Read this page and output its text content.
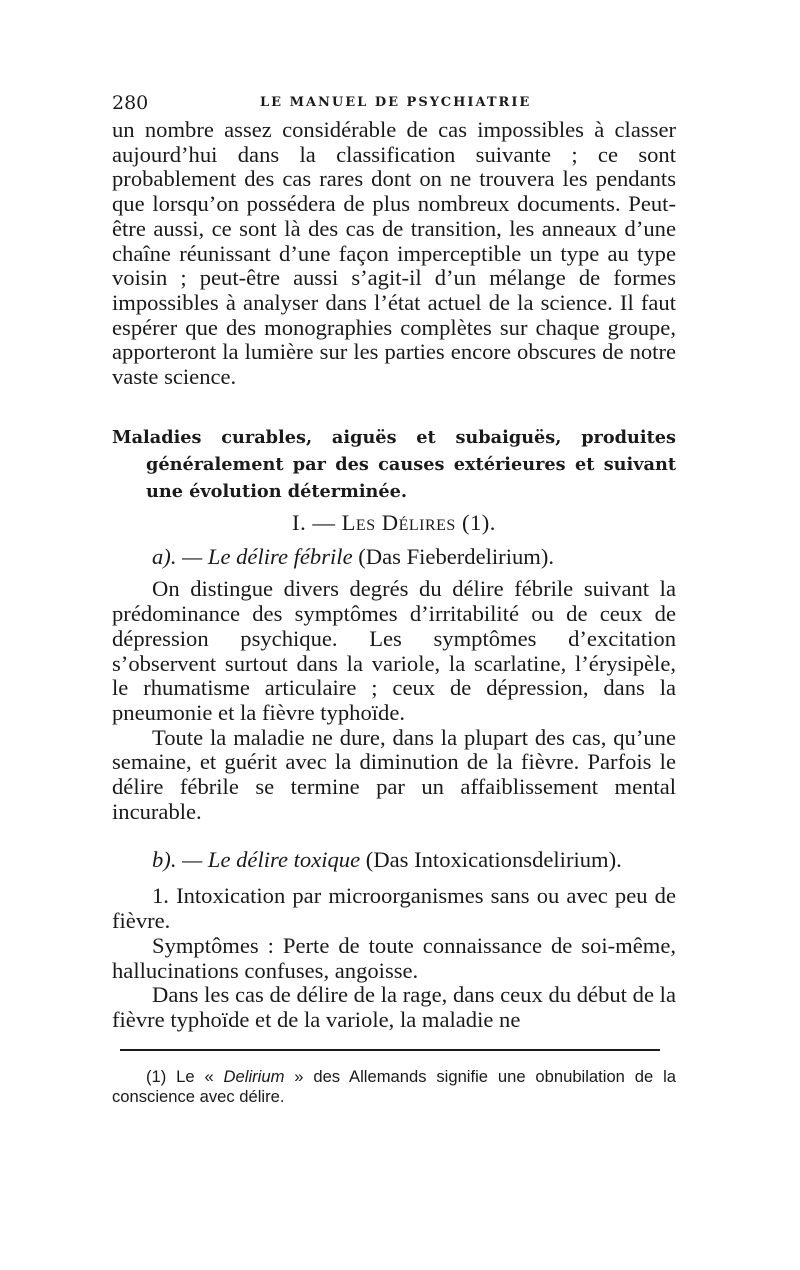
280	LE MANUEL DE PSYCHIATRIE

un nombre assez considérable de cas impossibles à classer aujourd’hui dans la classification suivante ; ce sont probablement des cas rares dont on ne trouvera les pendants que lorsqu’on possédera de plus nombreux documents. Peut-être aussi, ce sont là des cas de transition, les anneaux d’une chaîne réunissant d’une façon imperceptible un type au type voisin ; peut-être aussi s’agit-il d’un mélange de formes impossibles à analyser dans l’état actuel de la science. Il faut espérer que des monographies complètes sur chaque groupe, apporteront la lumière sur les parties encore obscures de notre vaste science.

Maladies curables, aiguës et subaiguës, produites généralement par des causes extérieures et suivant une évolution déterminée.

I. — Les Délires (1).

a). — Le délire fébrile (Das Fieberdelirium).

On distingue divers degrés du délire fébrile suivant la prédominance des symptômes d’irritabilité ou de ceux de dépression psychique. Les symptômes d’excitation s’observent surtout dans la variole, la scarlatine, l’érysipèle, le rhumatisme articulaire ; ceux de dépression, dans la pneumonie et la fièvre typhoïde.

Toute la maladie ne dure, dans la plupart des cas, qu’une semaine, et guérit avec la diminution de la fièvre. Parfois le délire fébrile se termine par un affaiblissement mental incurable.

b). — Le délire toxique (Das Intoxicationsdelirium).

1. Intoxication par microorganismes sans ou avec peu de fièvre.

Symptômes : Perte de toute connaissance de soi-même, hallucinations confuses, angoisse.

Dans les cas de délire de la rage, dans ceux du début de la fièvre typhoïde et de la variole, la maladie ne

(1) Le « Delirium » des Allemands signifie une obnubilation de la conscience avec délire.
